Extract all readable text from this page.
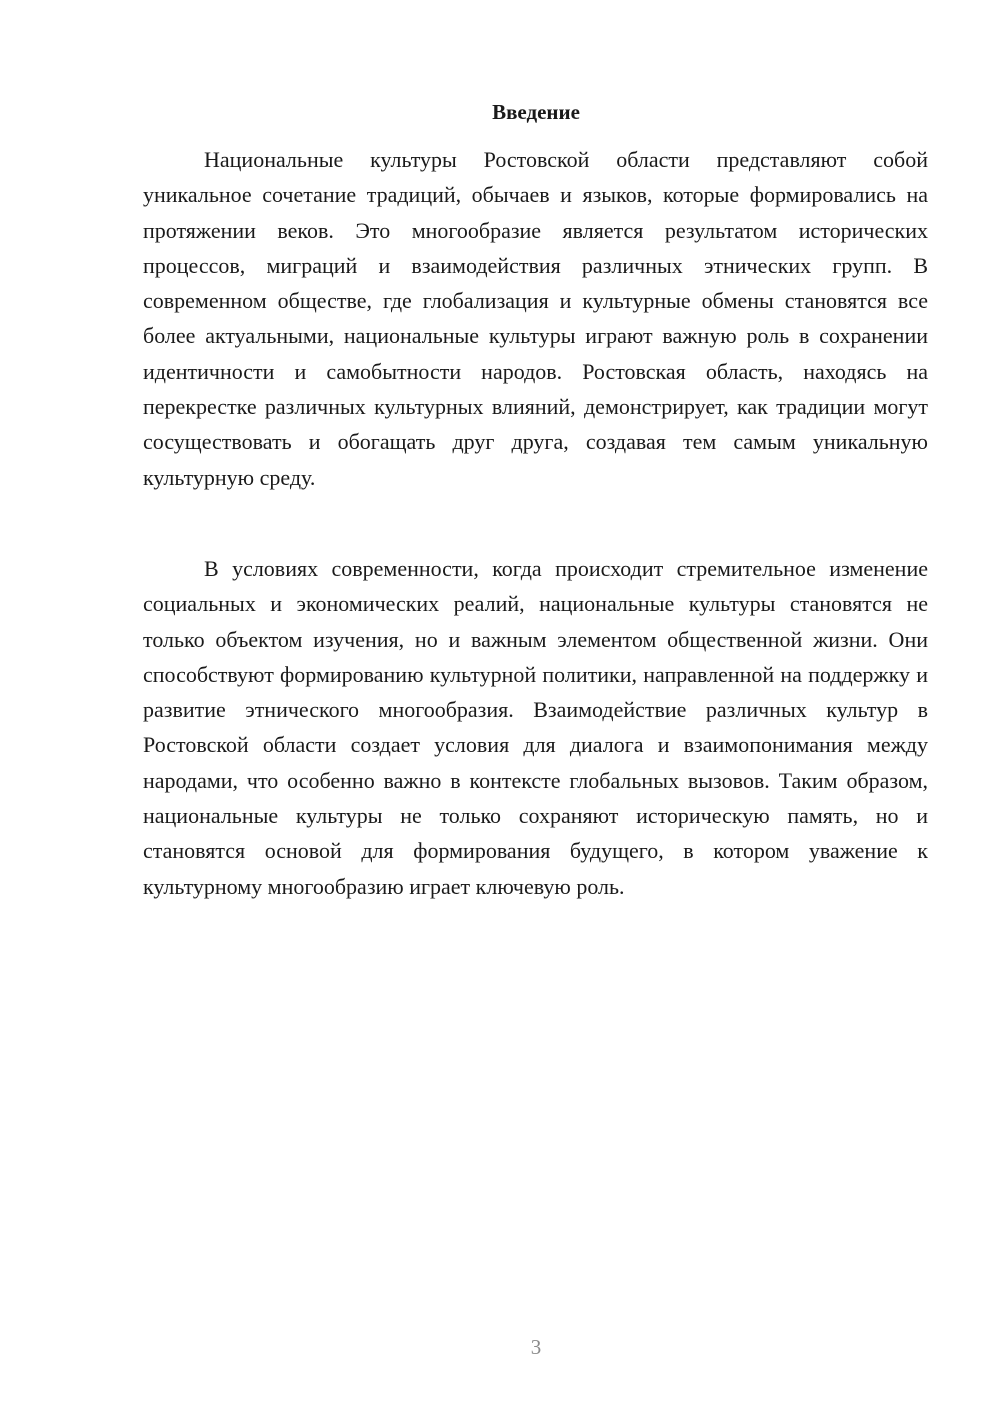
Введение

Национальные культуры Ростовской области представляют собой уникальное сочетание традиций, обычаев и языков, которые формировались на протяжении веков. Это многообразие является результатом исторических процессов, миграций и взаимодействия различных этнических групп. В современном обществе, где глобализация и культурные обмены становятся все более актуальными, национальные культуры играют важную роль в сохранении идентичности и самобытности народов. Ростовская область, находясь на перекрестке различных культурных влияний, демонстрирует, как традиции могут сосуществовать и обогащать друг друга, создавая тем самым уникальную культурную среду.

В условиях современности, когда происходит стремительное изменение социальных и экономических реалий, национальные культуры становятся не только объектом изучения, но и важным элементом общественной жизни. Они способствуют формированию культурной политики, направленной на поддержку и развитие этнического многообразия. Взаимодействие различных культур в Ростовской области создает условия для диалога и взаимопонимания между народами, что особенно важно в контексте глобальных вызовов. Таким образом, национальные культуры не только сохраняют историческую память, но и становятся основой для формирования будущего, в котором уважение к культурному многообразию играет ключевую роль.

3
